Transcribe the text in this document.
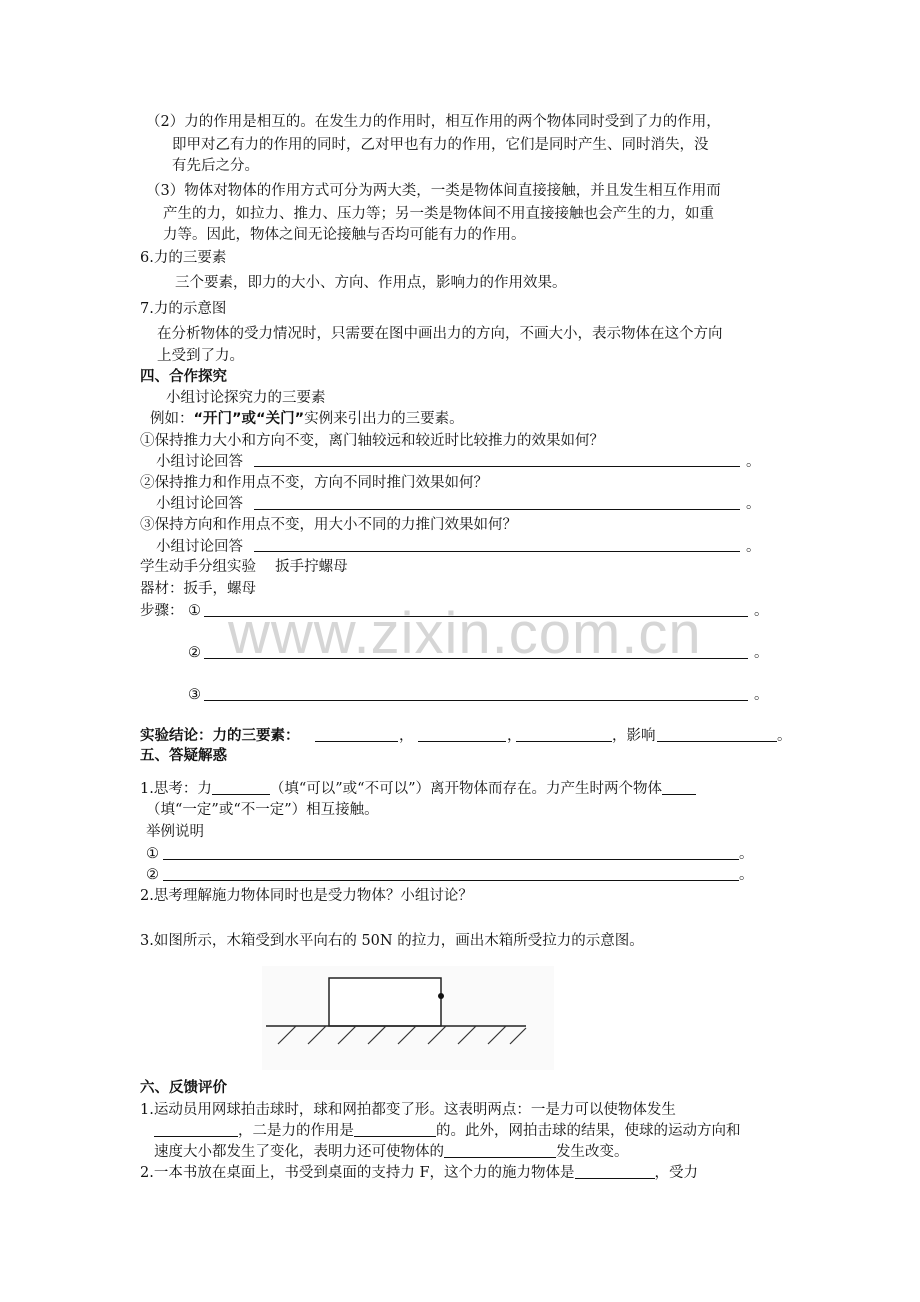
www.zixin.com.cn
（2）力的作用是相互的。在发生力的作用时，相互作用的两个物体同时受到了力的作用，
即甲对乙有力的作用的同时，乙对甲也有力的作用，它们是同时产生、同时消失，没
有先后之分。
（3）物体对物体的作用方式可分为两大类，一类是物体间直接接触，并且发生相互作用而
产生的力，如拉力、推力、压力等；另一类是物体间不用直接接触也会产生的力，如重
力等。因此，物体之间无论接触与否均可能有力的作用。
6.力的三要素
三个要素，即力的大小、方向、作用点，影响力的作用效果。
7.力的示意图
在分析物体的受力情况时，只需要在图中画出力的方向，不画大小，表示物体在这个方向
上受到了力。
四、合作探究
小组讨论探究力的三要素
例如：“开门”或“关门”实例来引出力的三要素。
①保持推力大小和方向不变，离门轴较远和较近时比较推力的效果如何？
小组讨论回答	。
②保持推力和作用点不变，方向不同时推门效果如何？
小组讨论回答	。
③保持方向和作用点不变，用大小不同的力推门效果如何？
小组讨论回答	。
学生动手分组实验　 扳手拧螺母
器材：扳手，螺母
步骤： ①	。
②	。
③	。
实验结论：力的三要素：	，	，	，影响	。
五、答疑解惑
1.思考：力	（填“可以”或“不可以”）离开物体而存在。力产生时两个物体
（填“一定”或“不一定”）相互接触。
举例说明
①	。
②	。
2.思考理解施力物体同时也是受力物体？小组讨论？
3.如图所示，木箱受到水平向右的 50N 的拉力，画出木箱所受拉力的示意图。
六、反馈评价
1.运动员用网球拍击球时，球和网拍都变了形。这表明两点：一是力可以使物体发生
，二是力的作用是	的。此外，网拍击球的结果，使球的运动方向和
速度大小都发生了变化，表明力还可使物体的	发生改变。
2.一本书放在桌面上，书受到桌面的支持力 F，这个力的施力物体是	，受力
